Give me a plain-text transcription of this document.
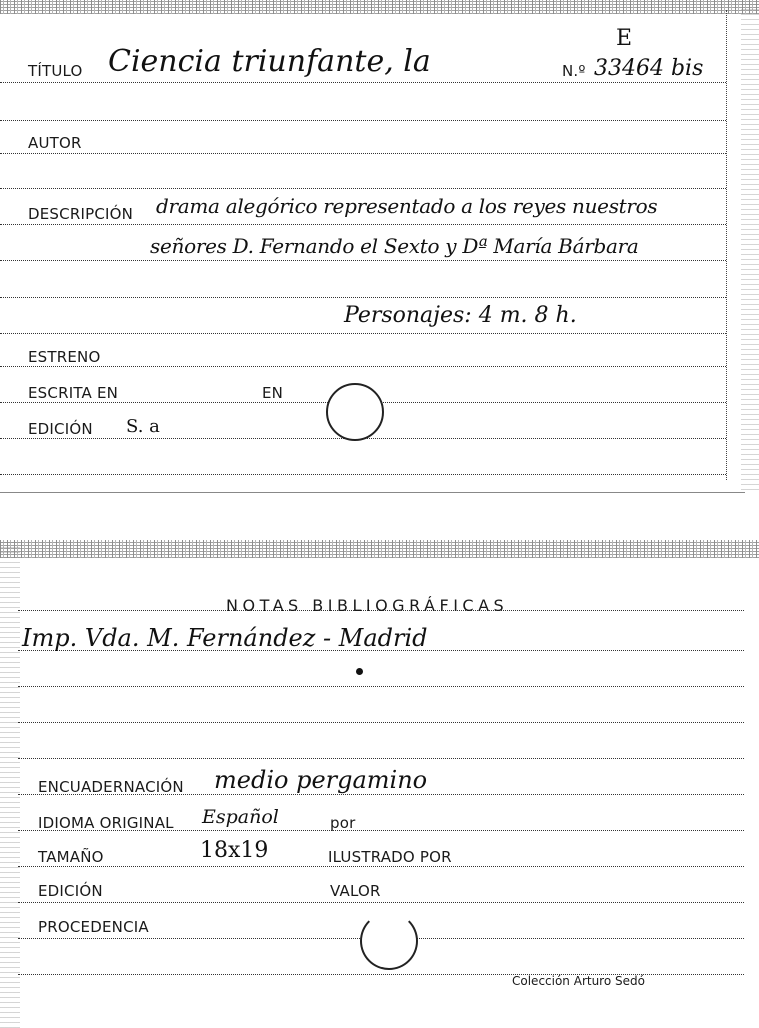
TÍTULO Ciencia triunfante, la
E
N.º 33464 bis
AUTOR
DESCRIPCIÓN drama alegórico representado a los reyes nuestros
señores D. Fernando el Sexto y Dª María Bárbara
Personajes: 4 m. 8 h.
ESTRENO
ESCRITA EN	EN
EDICIÓN S. a
NOTAS BIBLIOGRÁFICAS
Imp. Vda. M. Fernández - Madrid
ENCUADERNACIÓN medio pergamino
IDIOMA ORIGINAL Español	por
TAMAÑO	18x19	ILUSTRADO POR
EDICIÓN	VALOR
PROCEDENCIA
Colección Arturo Sedó
